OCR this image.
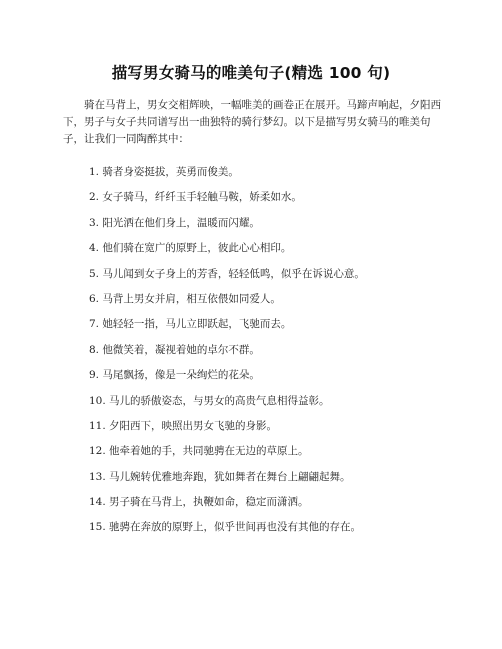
描写男女骑马的唯美句子(精选 100 句)

骑在马背上，男女交相辉映，一幅唯美的画卷正在展开。马蹄声响起，夕阳西下，男子与女子共同谱写出一曲独特的骑行梦幻。以下是描写男女骑马的唯美句子，让我们一同陶醉其中：

1. 骑者身姿挺拔，英勇而俊美。
2. 女子骑马，纤纤玉手轻触马鞍，娇柔如水。
3. 阳光洒在他们身上，温暖而闪耀。
4. 他们骑在宽广的原野上，彼此心心相印。
5. 马儿闻到女子身上的芳香，轻轻低鸣，似乎在诉说心意。
6. 马背上男女并肩，相互依偎如同爱人。
7. 她轻轻一指，马儿立即跃起，飞驰而去。
8. 他微笑着，凝视着她的卓尔不群。
9. 马尾飘扬，像是一朵绚烂的花朵。
10. 马儿的骄傲姿态，与男女的高贵气息相得益彰。
11. 夕阳西下，映照出男女飞驰的身影。
12. 他牵着她的手，共同驰骋在无边的草原上。
13. 马儿婉转优雅地奔跑，犹如舞者在舞台上翩翩起舞。
14. 男子骑在马背上，执鞭如命，稳定而潇洒。
15. 驰骋在奔放的原野上，似乎世间再也没有其他的存在。
